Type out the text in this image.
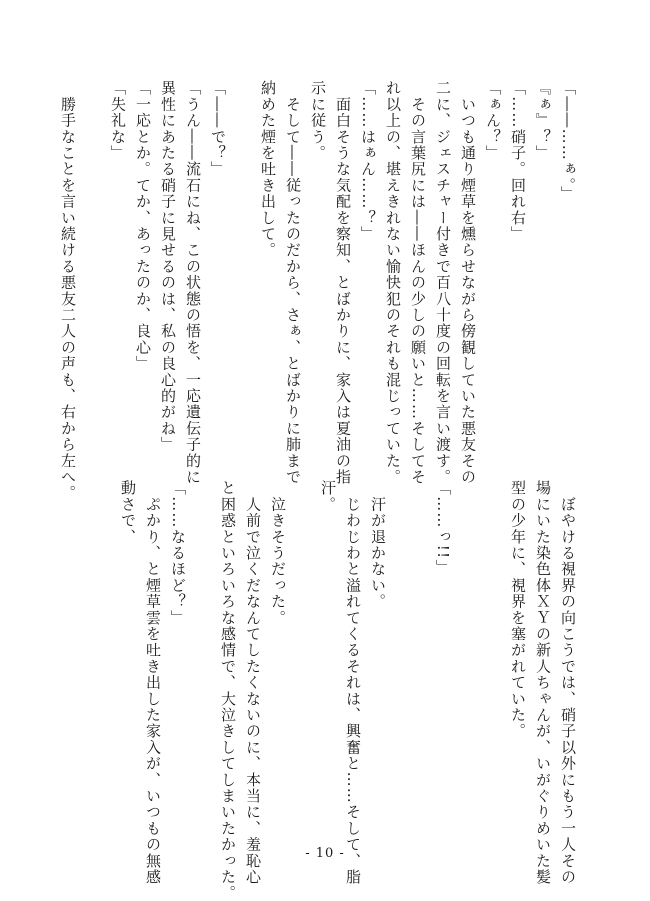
「――……ぁ。」

『ぁ』？」

「……硝子。回れ右」

「ぁん？」

　いつも通り煙草を燻らせながら傍観していた悪友その

二に、ジェスチャー付きで百八十度の回転を言い渡す。

　その言葉尻には――ほんの少しの願いと……そしてそ

れ以上の、堪えきれない愉快犯のそれも混じっていた。

「……はぁん……？」

　面白そうな気配を察知、とばかりに、家入は夏油の指

示に従う。

　そして――従ったのだから、さぁ、とばかりに肺まで

納めた煙を吐き出して。

「――で？」

「うん――流石にね、この状態の悟を、一応遺伝子的に

異性にあたる硝子に見せるのは、私の良心的がね」

「一応とか。てか、あったのか、良心」

「失礼な」

　勝手なことを言い続ける悪友二人の声も、右から左へ。

　ぼやける視界の向こうでは、硝子以外にもう一人その

場にいた染色体ＸＹの新人ちゃんが、いがぐりめいた髪

型の少年に、視界を塞がれていた。

「……っ!!」

　汗が退かない。

　じわじわと溢れてくるそれは、興奮と……そして、脂

汗。

　泣きそうだった。

　人前で泣くだなんてしたくないのに、本当に、羞恥心

と困惑といろいろな感情で、大泣きしてしまいたかった。

「……なるほど？」

　ぷかり、と煙草雲を吐き出した家入が、いつもの無感

動さで、

- 10 -
